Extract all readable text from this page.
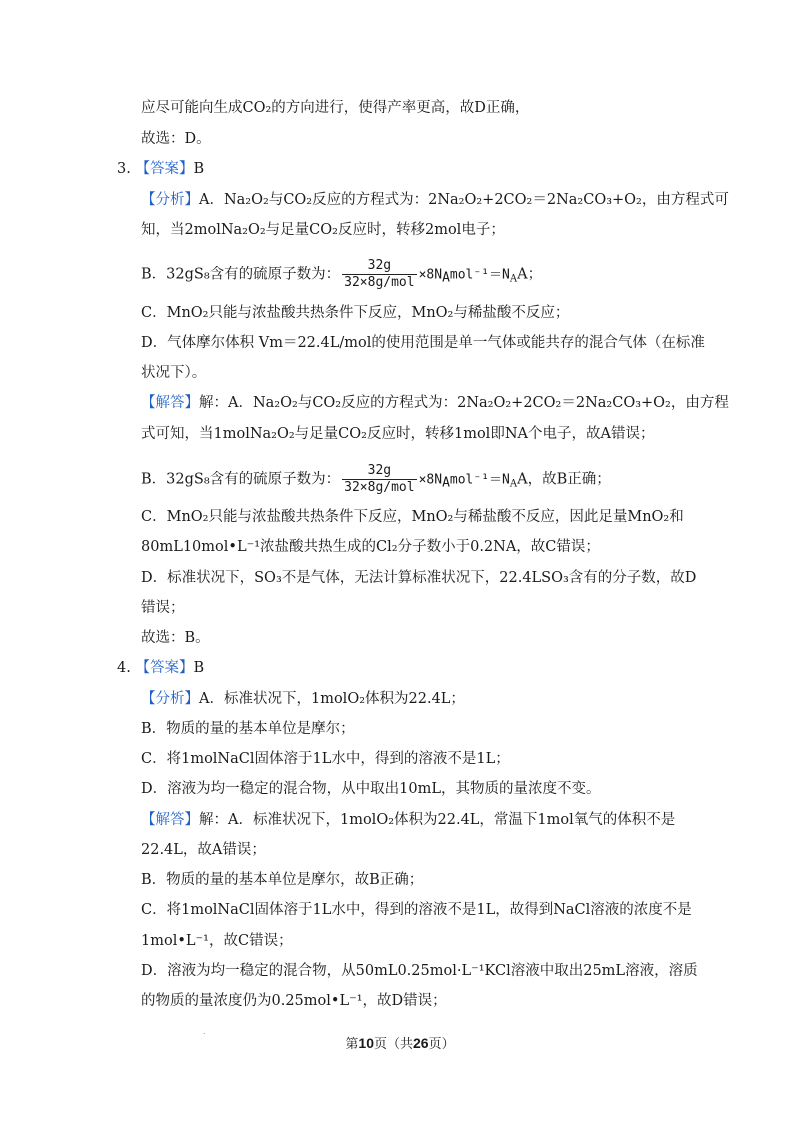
应尽可能向生成CO₂的方向进行，使得产率更高，故D正确，
故选：D。
3. 【答案】B
【分析】A．Na₂O₂与CO₂反应的方程式为：2Na₂O₂+2CO₂＝2Na₂CO₃+O₂，由方程式可
知，当2molNa₂O₂与足量CO₂反应时，转移2mol电子；
B．32gS₈含有的硫原子数为： $\frac{32g}{\text{32×8g/mol}} \times 8N_Amol^{-1}=N_AA$；
C．MnO₂只能与浓盐酸共热条件下反应，MnO₂与稀盐酸不反应；
D．气体摩尔体积 Vm＝22.4L/mol的使用范围是单一气体或能共存的混合气体（在标准
状况下）。
【解答】解：A．Na₂O₂与CO₂反应的方程式为：2Na₂O₂+2CO₂＝2Na₂CO₃+O₂，由方程
式可知，当1molNa₂O₂与足量CO₂反应时，转移1mol即NA个电子，故A错误；
B．32gS₈含有的硫原子数为： $\frac{32g}{\text{32×8g/mol}} \times 8N_Amol^{-1}=N_AA$，故B正确；
C．MnO₂只能与浓盐酸共热条件下反应，MnO₂与稀盐酸不反应，因此足量MnO₂和
80mL10mol•L⁻¹浓盐酸共热生成的Cl₂分子数小于0.2NA，故C错误；
D．标准状况下，SO₃不是气体，无法计算标准状况下，22.4LSO₃含有的分子数，故D
错误；
故选：B。
4. 【答案】B
【分析】A．标准状况下，1molO₂体积为22.4L；
B．物质的量的基本单位是摩尔；
C．将1molNaCl固体溶于1L水中，得到的溶液不是1L；
D．溶液为均一稳定的混合物，从中取出10mL，其物质的量浓度不变。
【解答】解：A．标准状况下，1molO₂体积为22.4L，常温下1mol氧气的体积不是
22.4L，故A错误；
B．物质的量的基本单位是摩尔，故B正确；
C．将1molNaCl固体溶于1L水中，得到的溶液不是1L，故得到NaCl溶液的浓度不是
1mol•L⁻¹，故C错误；
D．溶液为均一稳定的混合物，从50mL0.25mol·L⁻¹KCl溶液中取出25mL溶液，溶质
的物质的量浓度仍为0.25mol•L⁻¹，故D错误；
.
第10页（共26页）
